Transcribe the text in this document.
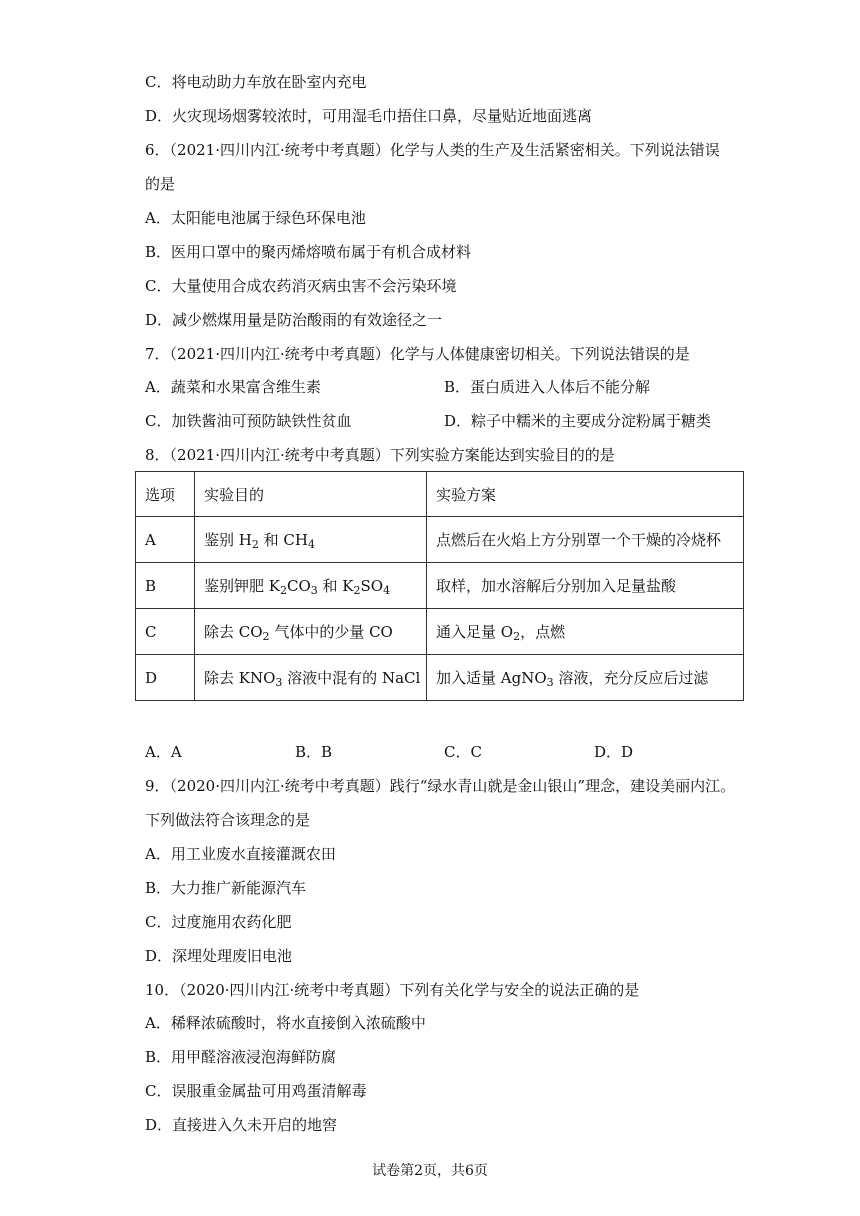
C．将电动助力车放在卧室内充电
D．火灾现场烟雾较浓时，可用湿毛巾捂住口鼻，尽量贴近地面逃离
6．（2021·四川内江·统考中考真题）化学与人类的生产及生活紧密相关。下列说法错误
的是
A．太阳能电池属于绿色环保电池
B．医用口罩中的聚丙烯熔喷布属于有机合成材料
C．大量使用合成农药消灭病虫害不会污染环境
D．减少燃煤用量是防治酸雨的有效途径之一
7．（2021·四川内江·统考中考真题）化学与人体健康密切相关。下列说法错误的是
A．蔬菜和水果富含维生素	B．蛋白质进入人体后不能分解
C．加铁酱油可预防缺铁性贫血	D．粽子中糯米的主要成分淀粉属于糖类
8．（2021·四川内江·统考中考真题）下列实验方案能达到实验目的的是
选项	实验目的	实验方案
A	鉴别 $H_2$ 和 $CH_4$	点燃后在火焰上方分别罩一个干燥的冷烧杯
B	鉴别钾肥 $K_2CO_3$ 和 $K_2SO_4$	取样，加水溶解后分别加入足量盐酸
C	除去 $CO_2$ 气体中的少量 CO	通入足量 $O_2$，点燃
D	除去 $KNO_3$ 溶液中混有的 NaCl	加入适量 AgNO$_3$ 溶液，充分反应后过滤
A．A	B．B	C．C	D．D
9．（2020·四川内江·统考中考真题）践行“绿水青山就是金山银山”理念，建设美丽内江。
下列做法符合该理念的是
A．用工业废水直接灌溉农田
B．大力推广新能源汽车
C．过度施用农药化肥
D．深埋处理废旧电池
10．（2020·四川内江·统考中考真题）下列有关化学与安全的说法正确的是
A．稀释浓硫酸时，将水直接倒入浓硫酸中
B．用甲醛溶液浸泡海鲜防腐
C．误服重金属盐可用鸡蛋清解毒
D．直接进入久未开启的地窖
试卷第2页，共6页
